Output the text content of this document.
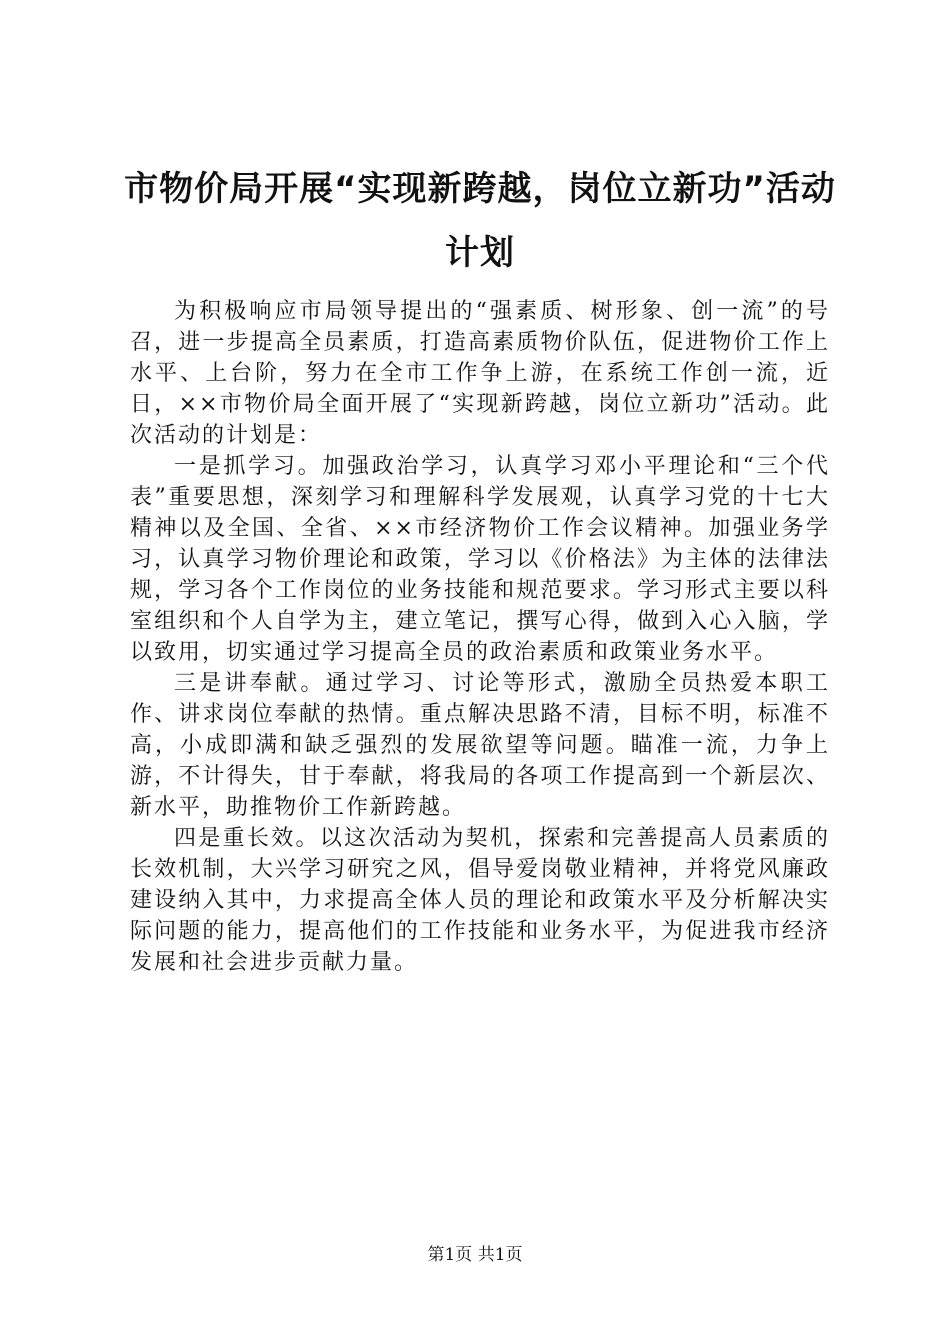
市物价局开展“实现新跨越，岗位立新功”活动计划

为积极响应市局领导提出的“强素质、树形象、创一流”的号召，进一步提高全员素质，打造高素质物价队伍，促进物价工作上水平、上台阶，努力在全市工作争上游，在系统工作创一流，近日，××市物价局全面开展了“实现新跨越，岗位立新功”活动。此次活动的计划是：

一是抓学习。加强政治学习，认真学习邓小平理论和“三个代表”重要思想，深刻学习和理解科学发展观，认真学习党的十七大精神以及全国、全省、××市经济物价工作会议精神。加强业务学习，认真学习物价理论和政策，学习以《价格法》为主体的法律法规，学习各个工作岗位的业务技能和规范要求。学习形式主要以科室组织和个人自学为主，建立笔记，撰写心得，做到入心入脑，学以致用，切实通过学习提高全员的政治素质和政策业务水平。

三是讲奉献。通过学习、讨论等形式，激励全员热爱本职工作、讲求岗位奉献的热情。重点解决思路不清，目标不明，标准不高，小成即满和缺乏强烈的发展欲望等问题。瞄准一流，力争上游，不计得失，甘于奉献，将我局的各项工作提高到一个新层次、新水平，助推物价工作新跨越。

四是重长效。以这次活动为契机，探索和完善提高人员素质的长效机制，大兴学习研究之风，倡导爱岗敬业精神，并将党风廉政建设纳入其中，力求提高全体人员的理论和政策水平及分析解决实际问题的能力，提高他们的工作技能和业务水平，为促进我市经济发展和社会进步贡献力量。

第1页 共1页
